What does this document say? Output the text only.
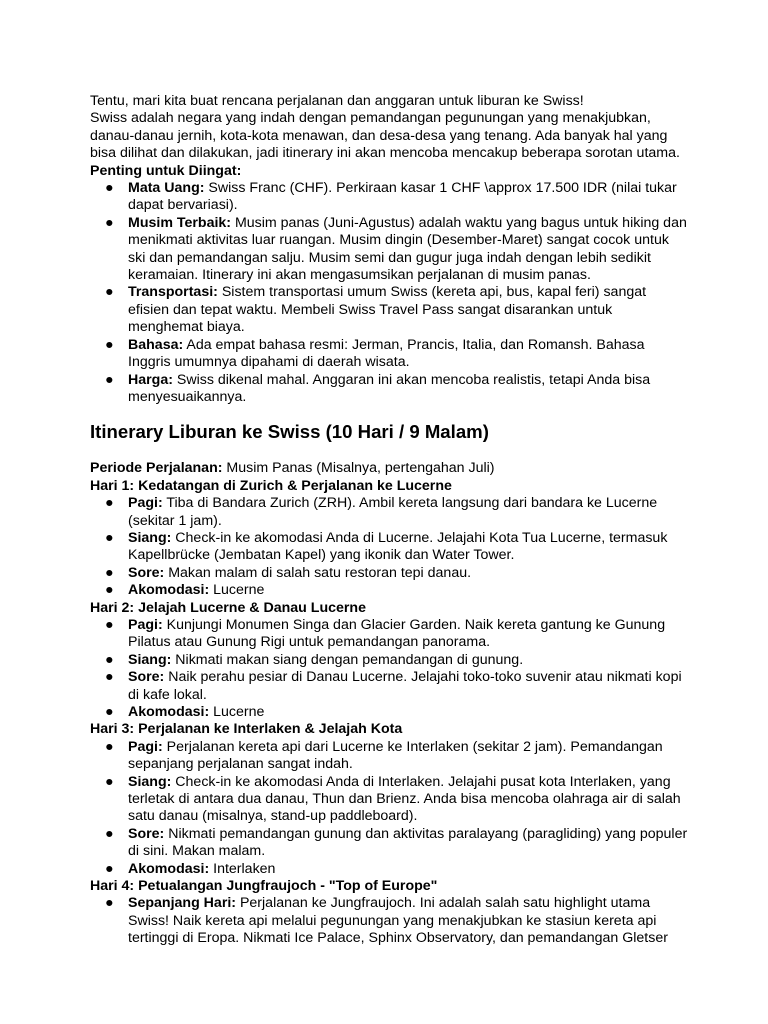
Tentu, mari kita buat rencana perjalanan dan anggaran untuk liburan ke Swiss!

Swiss adalah negara yang indah dengan pemandangan pegunungan yang menakjubkan, danau-danau jernih, kota-kota menawan, dan desa-desa yang tenang. Ada banyak hal yang bisa dilihat dan dilakukan, jadi itinerary ini akan mencoba mencakup beberapa sorotan utama.

Penting untuk Diingat:

● Mata Uang: Swiss Franc (CHF). Perkiraan kasar 1 CHF \approx 17.500 IDR (nilai tukar dapat bervariasi).
● Musim Terbaik: Musim panas (Juni-Agustus) adalah waktu yang bagus untuk hiking dan menikmati aktivitas luar ruangan. Musim dingin (Desember-Maret) sangat cocok untuk ski dan pemandangan salju. Musim semi dan gugur juga indah dengan lebih sedikit keramaian. Itinerary ini akan mengasumsikan perjalanan di musim panas.
● Transportasi: Sistem transportasi umum Swiss (kereta api, bus, kapal feri) sangat efisien dan tepat waktu. Membeli Swiss Travel Pass sangat disarankan untuk menghemat biaya.
● Bahasa: Ada empat bahasa resmi: Jerman, Prancis, Italia, dan Romansh. Bahasa Inggris umumnya dipahami di daerah wisata.
● Harga: Swiss dikenal mahal. Anggaran ini akan mencoba realistis, tetapi Anda bisa menyesuaikannya.
Itinerary Liburan ke Swiss (10 Hari / 9 Malam)

Periode Perjalanan: Musim Panas (Misalnya, pertengahan Juli)

Hari 1: Kedatangan di Zurich & Perjalanan ke Lucerne

● Pagi: Tiba di Bandara Zurich (ZRH). Ambil kereta langsung dari bandara ke Lucerne (sekitar 1 jam).
● Siang: Check-in ke akomodasi Anda di Lucerne. Jelajahi Kota Tua Lucerne, termasuk Kapellbrücke (Jembatan Kapel) yang ikonik dan Water Tower.
● Sore: Makan malam di salah satu restoran tepi danau.
● Akomodasi: Lucerne

Hari 2: Jelajah Lucerne & Danau Lucerne

● Pagi: Kunjungi Monumen Singa dan Glacier Garden. Naik kereta gantung ke Gunung Pilatus atau Gunung Rigi untuk pemandangan panorama.
● Siang: Nikmati makan siang dengan pemandangan di gunung.
● Sore: Naik perahu pesiar di Danau Lucerne. Jelajahi toko-toko suvenir atau nikmati kopi di kafe lokal.
● Akomodasi: Lucerne

Hari 3: Perjalanan ke Interlaken & Jelajah Kota

● Pagi: Perjalanan kereta api dari Lucerne ke Interlaken (sekitar 2 jam). Pemandangan sepanjang perjalanan sangat indah.
● Siang: Check-in ke akomodasi Anda di Interlaken. Jelajahi pusat kota Interlaken, yang terletak di antara dua danau, Thun dan Brienz. Anda bisa mencoba olahraga air di salah satu danau (misalnya, stand-up paddleboard).
● Sore: Nikmati pemandangan gunung dan aktivitas paralayang (paragliding) yang populer di sini. Makan malam.
● Akomodasi: Interlaken

Hari 4: Petualangan Jungfraujoch - "Top of Europe"

● Sepanjang Hari: Perjalanan ke Jungfraujoch. Ini adalah salah satu highlight utama Swiss! Naik kereta api melalui pegunungan yang menakjubkan ke stasiun kereta api tertinggi di Eropa. Nikmati Ice Palace, Sphinx Observatory, dan pemandangan Gletser
